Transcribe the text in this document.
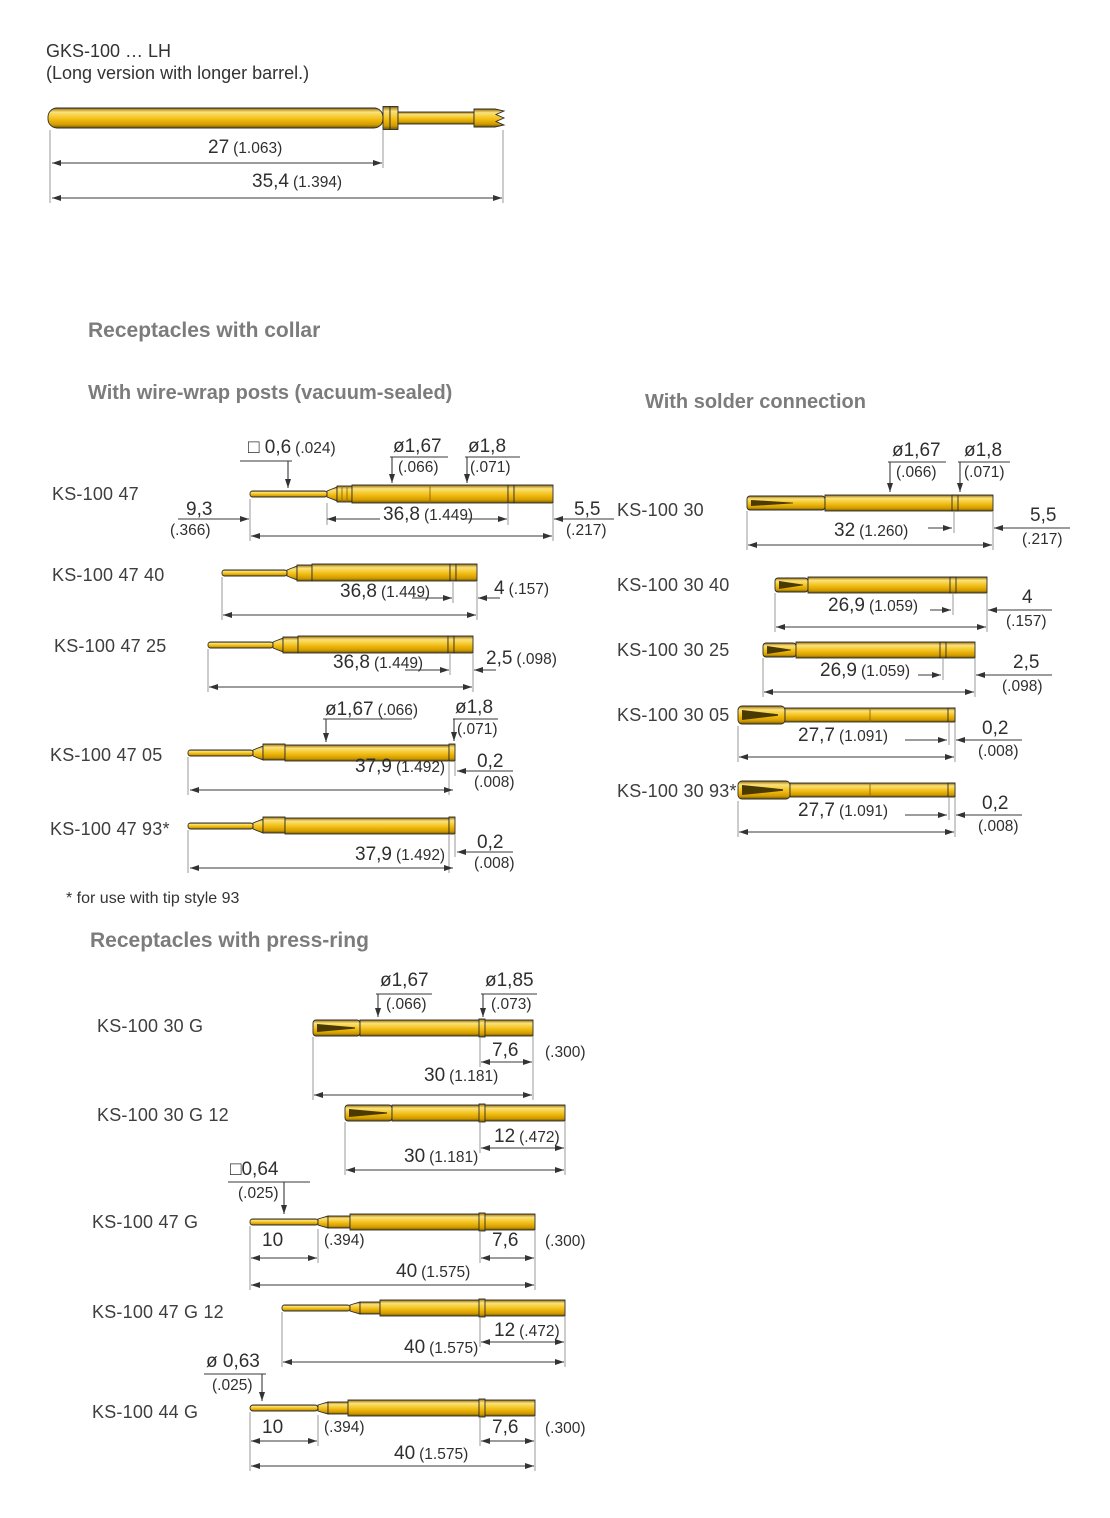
GKS-100 … LH
(Long version with longer barrel.)
27 (1.063)
35,4 (1.394)
Receptacles with collar
With wire-wrap posts (vacuum-sealed)	With solder connection
KS-100 47
□ 0,6 (.024)	ø1,67
(.066)
ø1,8
(.071)
9,3
(.366)
36,8 (1.449)	5,5
(.217)
KS-100 47 40
36,8 (1.449)	4 (.157)
KS-100 47 25
36,8 (1.449)	2,5 (.098)
KS-100 47 05
ø1,67 (.066) ø1,8
(.071)
37,9 (1.492) 0,2
(.008)
KS-100 47 93*
37,9 (1.492)
0,2
(.008)
KS-100 30
ø1,67
(.066)
ø1,8
(.071)
32 (1.260)
5,5
(.217)
KS-100 30 40
26,9 (1.059)	4
(.157)
KS-100 30 25
26,9 (1.059)	2,5
(.098)
KS-100 30 05
27,7 (1.091)	0,2
(.008)
KS-100 30 93*
27,7 (1.091)	0,2
(.008)
* for use with tip style 93
Receptacles with press-ring
KS-100 30 G
ø1,67
(.066)
ø1,85
(.073)
7,6 (.300)
30 (1.181)
KS-100 30 G 12
12 (.472)
30 (1.181)
KS-100 47 G
□0,64
(.025)
10	(.394)	7,6 (.300)
40 (1.575)
KS-100 47 G 12
12 (.472)
40 (1.575)
KS-100 44 G
ø 0,63
(.025)
10	(.394)	7,6 (.300)
40 (1.575)
